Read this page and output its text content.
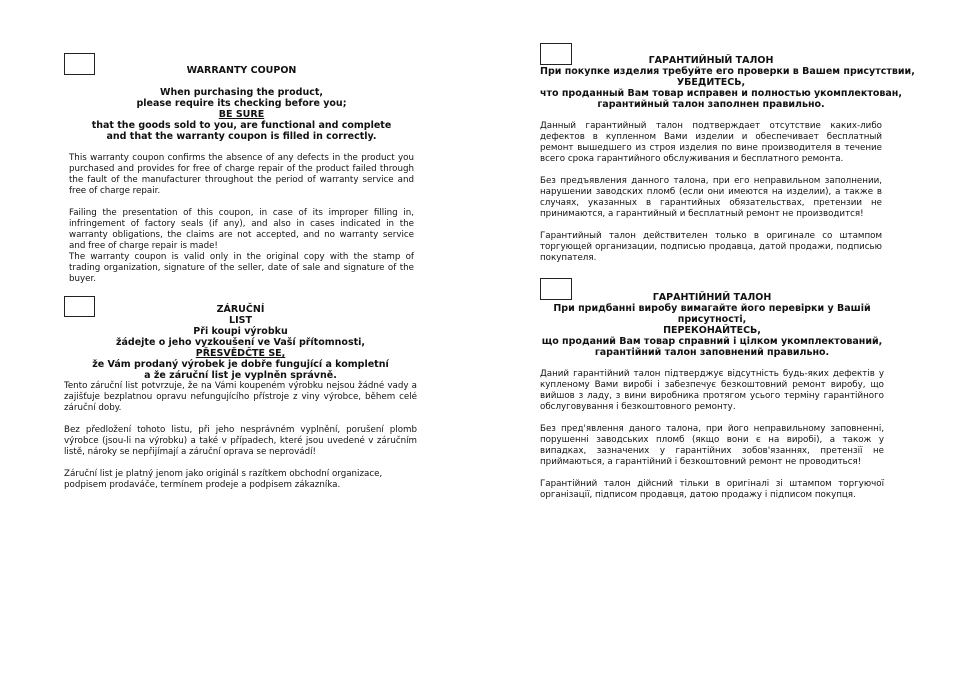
WARRANTY COUPON
When purchasing the product,
please require its checking before you;
BE SURE
that the goods sold to you, are functional and complete
and that the warranty coupon is filled in correctly.

This warranty coupon confirms the absence of any defects in the product you purchased and provides for free of charge repair of the product failed through the fault of the manufacturer throughout the period of warranty service and free of charge repair.

Failing the presentation of this coupon, in case of its improper filling in, infringement of factory seals (if any), and also in cases indicated in the warranty obligations, the claims are not accepted, and no warranty service and free of charge repair is made!

The warranty coupon is valid only in the original copy with the stamp of trading organization, signature of the seller, date of sale and signature of the buyer.

ZÁRUČNÍ
LIST
Při koupi výrobku
žádejte o jeho vyzkoušení ve Vaší přítomnosti,
PŘESVĚDČTE SE,
že Vám prodaný výrobek je dobře fungující a kompletní
a že záruční list je vyplněn správně.

Tento záruční list potvrzuje, že na Vámi koupeném výrobku nejsou žádné vady a zajišťuje bezplatnou opravu nefungujícího přístroje z viny výrobce, během celé záruční doby.

Bez předložení tohoto listu, při jeho nesprávném vyplnění, porušení plomb výrobce (jsou-li na výrobku) a také v případech, které jsou uvedené v záručním listě, nároky se nepřijímají a záruční oprava se neprovádí!

Záruční list je platný jenom jako originál s razítkem obchodní organizace, podpisem prodaváče, termínem prodeje a podpisem zákazníka.

ГАРАНТИЙНЫЙ ТАЛОН
При покупке изделия требуйте его проверки в Вашем присутствии,
УБЕДИТЕСЬ,
что проданный Вам товар исправен и полностью укомплектован,
гарантийный талон заполнен правильно.

Данный гарантийный талон подтверждает отсутствие каких-либо дефектов в купленном Вами изделии и обеспечивает бесплатный ремонт вышедшего из строя изделия по вине производителя в течение всего срока гарантийного обслуживания и бесплатного ремонта.

Без предъявления данного талона, при его неправильном заполнении, нарушении заводских пломб (если они имеются на изделии), а также в случаях, указанных в гарантийных обязательствах, претензии не принимаются, а гарантийный и бесплатный ремонт не производится!

Гарантийный талон действителен только в оригинале со штампом торгующей организации, подписью продавца, датой продажи, подписью покупателя.

ГАРАНТІЙНИЙ ТАЛОН
При придбанні виробу вимагайте його перевірки у Вашій
присутності,
ПЕРЕКОНАЙТЕСЬ,
що проданий Вам товар справний і цілком укомплектований,
гарантійний талон заповнений правильно.

Даний гарантійний талон підтверджує відсутність будь-яких дефектів у купленому Вами виробі і забезпечує безкоштовний ремонт виробу, що вийшов з ладу, з вини виробника протягом усього терміну гарантійного обслуговування і безкоштовного ремонту.

Без пред'явлення даного талона, при його неправильному заповненні, порушенні заводських пломб (якщо вони є на виробі), а також у випадках, зазначених у гарантійних зобов'язаннях, претензії не приймаються, а гарантійний і безкоштовний ремонт не проводиться!

Гарантійний талон дійсний тільки в оригіналі зі штампом торгуючої організації, підписом продавця, датою продажу і підписом покупця.
